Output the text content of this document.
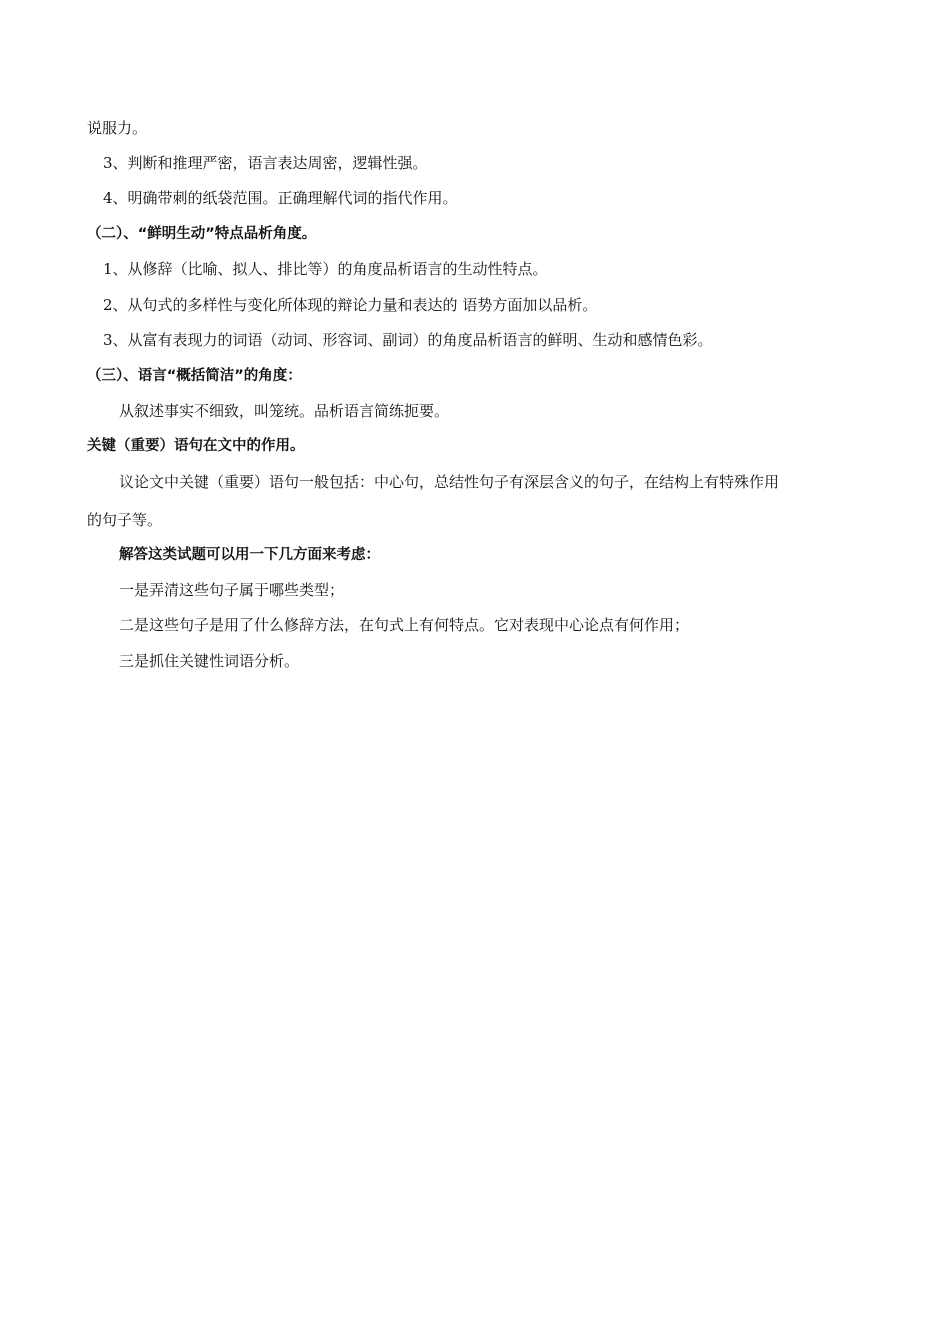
说服力。
3、判断和推理严密，语言表达周密，逻辑性强。
4、明确带刺的纸袋范围。正确理解代词的指代作用。
（二）、“鲜明生动”特点品析角度。
1、从修辞（比喻、拟人、排比等）的角度品析语言的生动性特点。
2、从句式的多样性与变化所体现的辩论力量和表达的 语势方面加以品析。
3、从富有表现力的词语（动词、形容词、副词）的角度品析语言的鲜明、生动和感情色彩。
（三）、语言“概括简洁”的角度：
从叙述事实不细致，叫笼统。品析语言简练扼要。
关键（重要）语句在文中的作用。
议论文中关键（重要）语句一般包括：中心句，总结性句子有深层含义的句子，在结构上有特殊作用
的句子等。
解答这类试题可以用一下几方面来考虑：
一是弄清这些句子属于哪些类型；
二是这些句子是用了什么修辞方法，在句式上有何特点。它对表现中心论点有何作用；
三是抓住关键性词语分析。
